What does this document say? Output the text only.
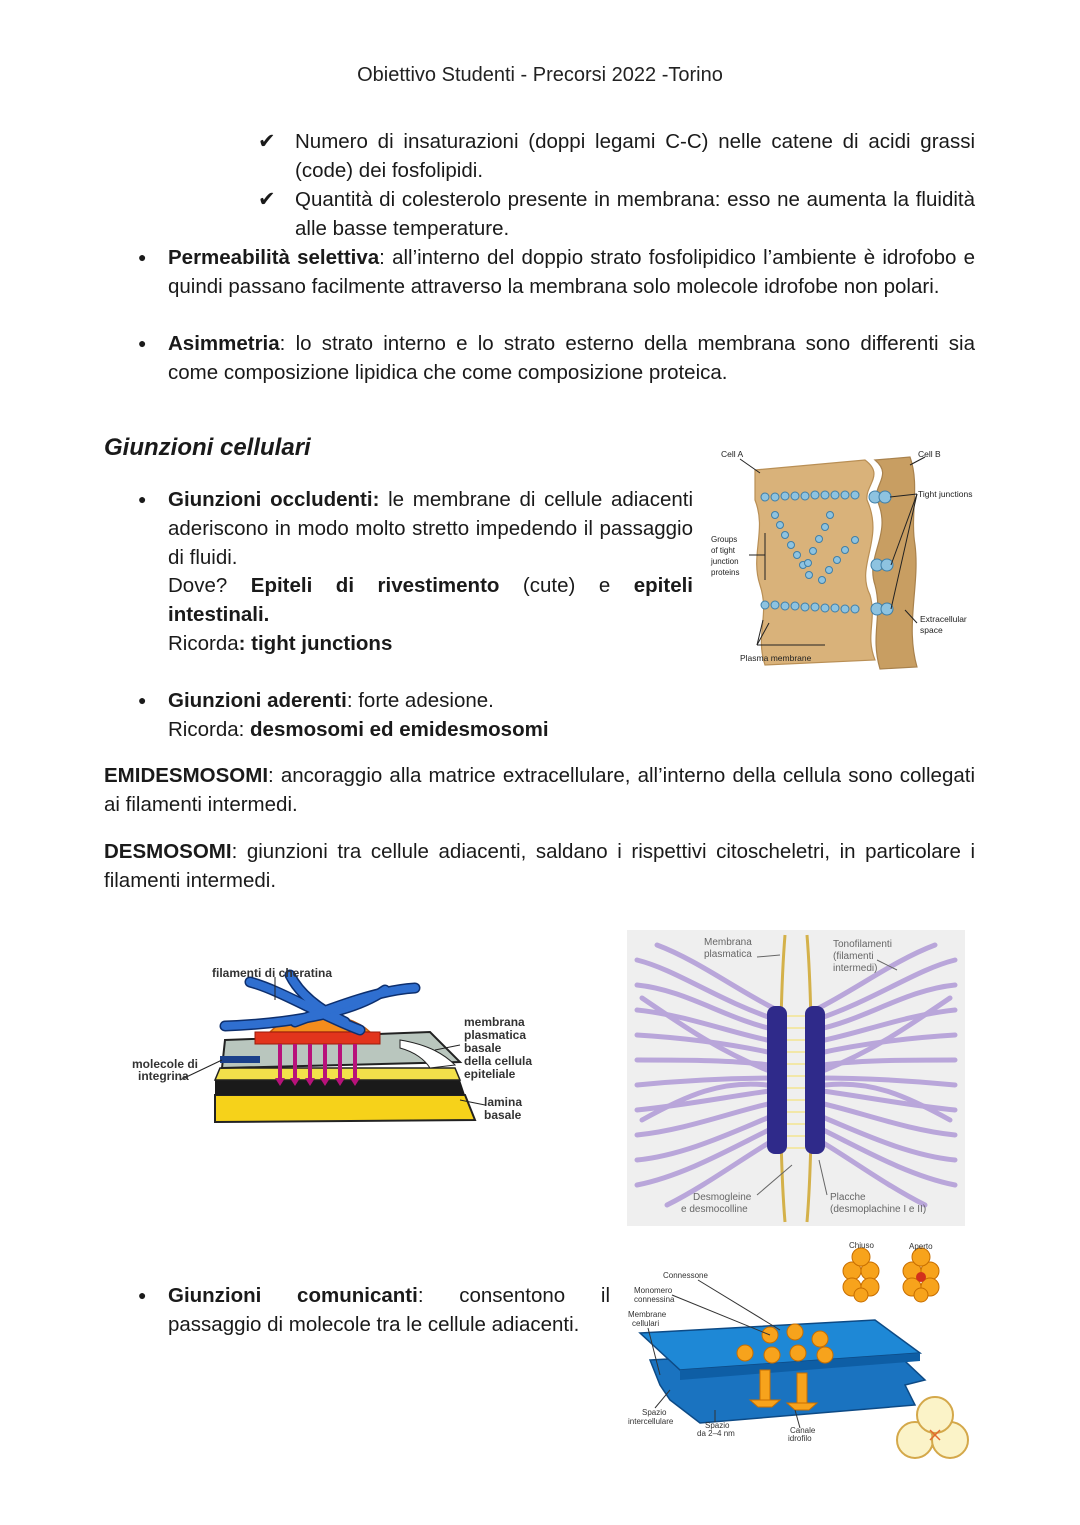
Obiettivo Studenti - Precorsi 2022 -Torino
✔ Numero di insaturazioni (doppi legami C-C) nelle catene di acidi grassi (code) dei fosfolipidi.
✔ Quantità di colesterolo presente in membrana: esso ne aumenta la fluidità alle basse temperature.
● Permeabilità selettiva: all’interno del doppio strato fosfolipidico l’ambiente è idrofobo e quindi passano facilmente attraverso la membrana solo molecole idrofobe non polari.
● Asimmetria: lo strato interno e lo strato esterno della membrana sono differenti sia come composizione lipidica che come composizione proteica.
Giunzioni cellulari
● Giunzioni occludenti: le membrane di cellule adiacenti aderiscono in modo molto stretto impedendo il passaggio di fluidi.
Dove? Epiteli di rivestimento (cute) e epiteli intestinali.
Ricorda: tight junctions
Cell A	Cell B
Tight junctions
Groups of tight junction proteins
Extracellular space
Plasma membrane
● Giunzioni aderenti: forte adesione.
Ricorda: desmosomi ed emidesmosomi
EMIDESMOSOMI: ancoraggio alla matrice extracellulare, all’interno della cellula sono collegati ai filamenti intermedi.
DESMOSOMI: giunzioni tra cellule adiacenti, saldano i rispettivi citoscheletri, in particolare i filamenti intermedi.
filamenti di cheratina
molecole di integrina
membrana
plasmatica
basale
della cellula
epiteliale
lamina
basale
Membrana
plasmatica
Tonofilamenti
(filamenti
intermedi)
Desmogleine
e desmocolline
Placche
(desmoplachine I e II)
● Giunzioni comunicanti: consentono il passaggio di molecole tra le cellule adiacenti.
Connessone
Monomero
connessina
Membrane
cellulari
Chiuso	Aperto
Spazio
intercellulare	Spazio
da 2–4 nm	Canale
idrofilo
